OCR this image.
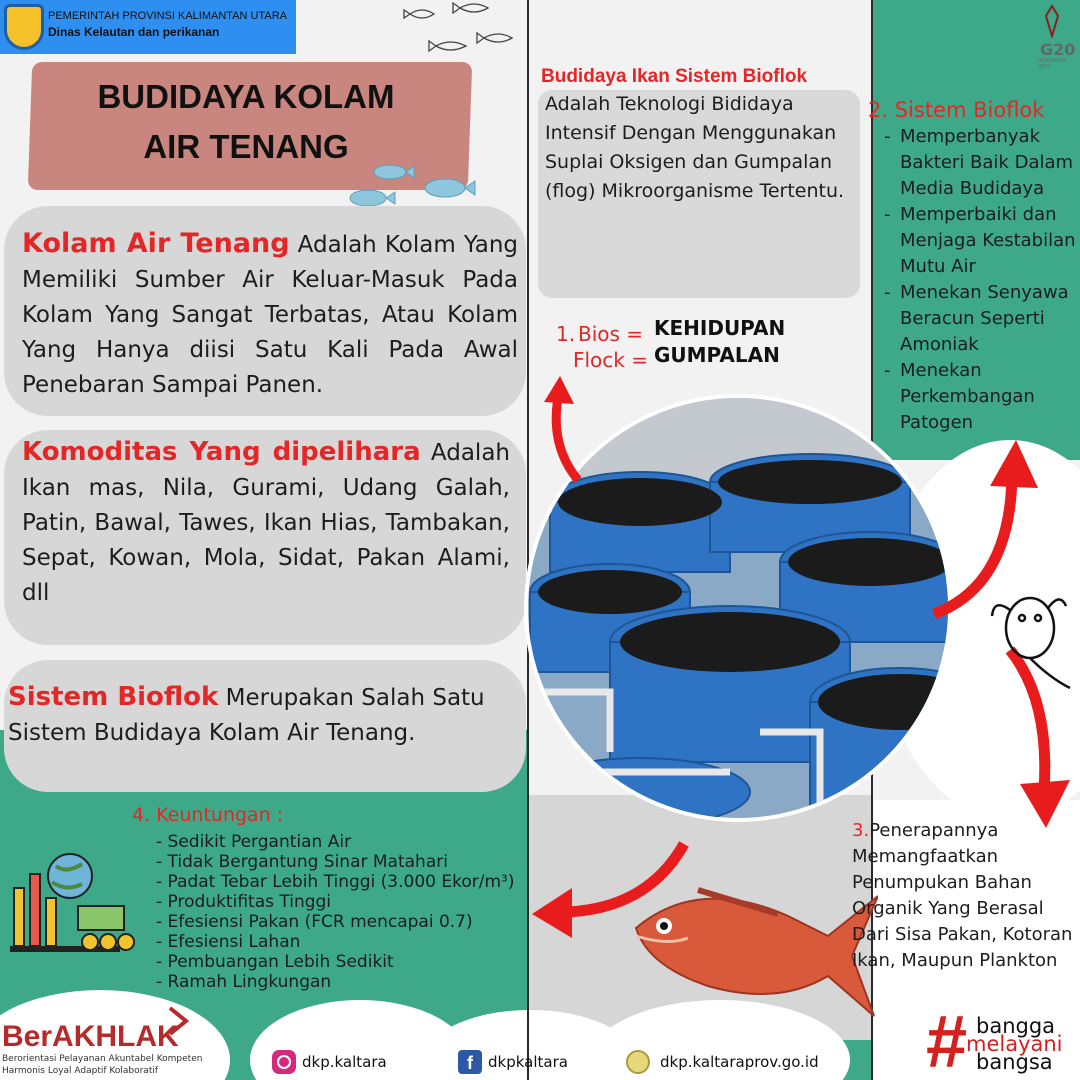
PEMERINTAH PROVINSI KALIMANTAN UTARA
Dinas Kelautan dan perikanan
G20
INDONESIA 2022
BUDIDAYA KOLAM
AIR TENANG
Kolam Air Tenang Adalah Kolam Yang Memiliki Sumber Air Keluar-Masuk Pada Kolam Yang Sangat Terbatas, Atau Kolam Yang Hanya diisi Satu Kali Pada Awal Penebaran Sampai Panen.
Komoditas Yang dipelihara Adalah Ikan mas, Nila, Gurami, Udang Galah, Patin, Bawal, Tawes, Ikan Hias, Tambakan, Sepat, Kowan, Mola, Sidat, Pakan Alami, dll
Sistem Bioflok Merupakan Salah Satu Sistem Budidaya Kolam Air Tenang.
Budidaya Ikan Sistem Bioflok
Adalah Teknologi Bididaya Intensif Dengan Menggunakan Suplai Oksigen dan Gumpalan (flog) Mikroorganisme Tertentu.
1. Bios = KEHIDUPAN
Flock = GUMPALAN
2. Sistem Bioflok
- Memperbanyak Bakteri Baik Dalam Media Budidaya
- Memperbaiki dan Menjaga Kestabilan Mutu Air
- Menekan Senyawa Beracun Seperti Amoniak
- Menekan Perkembangan Patogen
3.Penerapannya Memangfaatkan Penumpukan Bahan Organik Yang Berasal Dari Sisa Pakan, Kotoran Ikan, Maupun Plankton
4. Keuntungan :
- Sedikit Pergantian Air
- Tidak Bergantung Sinar Matahari
- Padat Tebar Lebih Tinggi (3.000 Ekor/m³)
- Produktifitas Tinggi
- Efesiensi Pakan (FCR mencapai 0.7)
- Efesiensi Lahan
- Pembuangan Lebih Sedikit
- Ramah Lingkungan
BerAKHLAK
Berorientasi Pelayanan Akuntabel Kompeten
Harmonis Loyal Adaptif Kolaboratif	dkp.kaltara	f	dkpkaltara	dkp.kaltaraprov.go.id # bangga
melayani
bangsa
